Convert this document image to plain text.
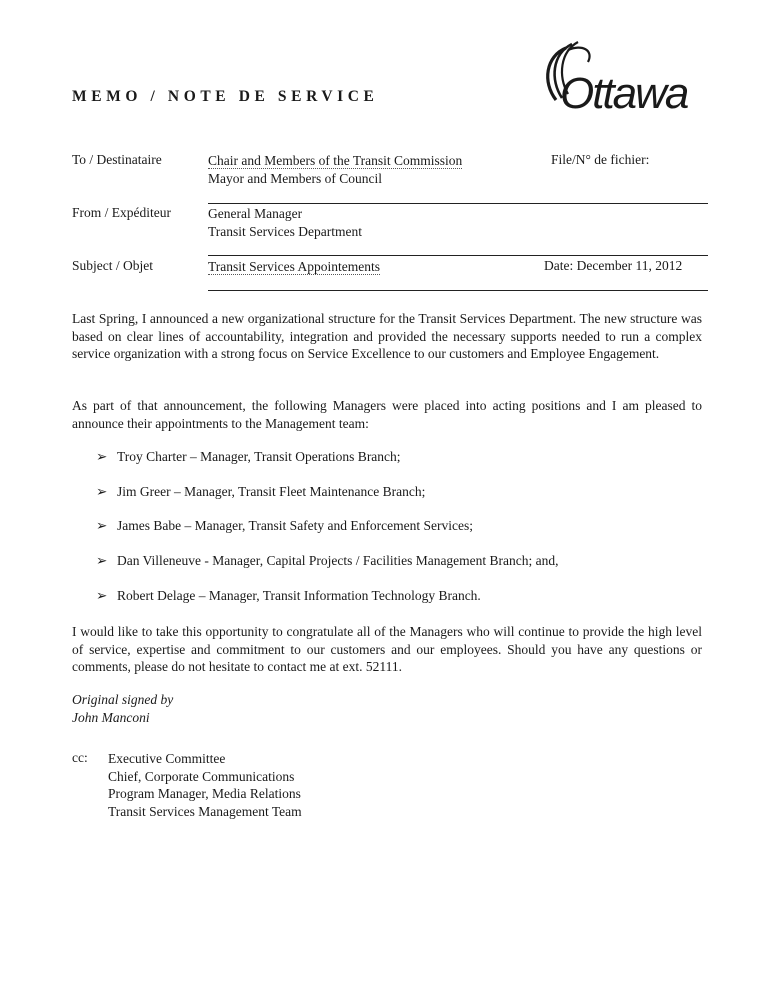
MEMO / NOTE DE SERVICE	Ottawa
To / Destinataire	Chair and Members of the Transit Commission
Mayor and Members of Council
File/N° de fichier:
From / Expéditeur	General Manager
Transit Services Department
Subject / Objet	Transit Services Appointements	Date: December 11, 2012

Last Spring, I announced a new organizational structure for the Transit Services Department. The new structure was based on clear lines of accountability, integration and provided the necessary supports needed to run a complex service organization with a strong focus on Service Excellence to our customers and Employee Engagement.

As part of that announcement, the following Managers were placed into acting positions and I am pleased to announce their appointments to the Management team:

➢ Troy Charter – Manager, Transit Operations Branch;
➢ Jim Greer – Manager, Transit Fleet Maintenance Branch;
➢ James Babe – Manager, Transit Safety and Enforcement Services;
➢ Dan Villeneuve - Manager, Capital Projects / Facilities Management Branch; and,
➢ Robert Delage – Manager, Transit Information Technology Branch.

I would like to take this opportunity to congratulate all of the Managers who will continue to provide the high level of service, expertise and commitment to our customers and our employees. Should you have any questions or comments, please do not hesitate to contact me at ext. 52111.

Original signed by
John Manconi
cc: Executive Committee
Chief, Corporate Communications
Program Manager, Media Relations
Transit Services Management Team
